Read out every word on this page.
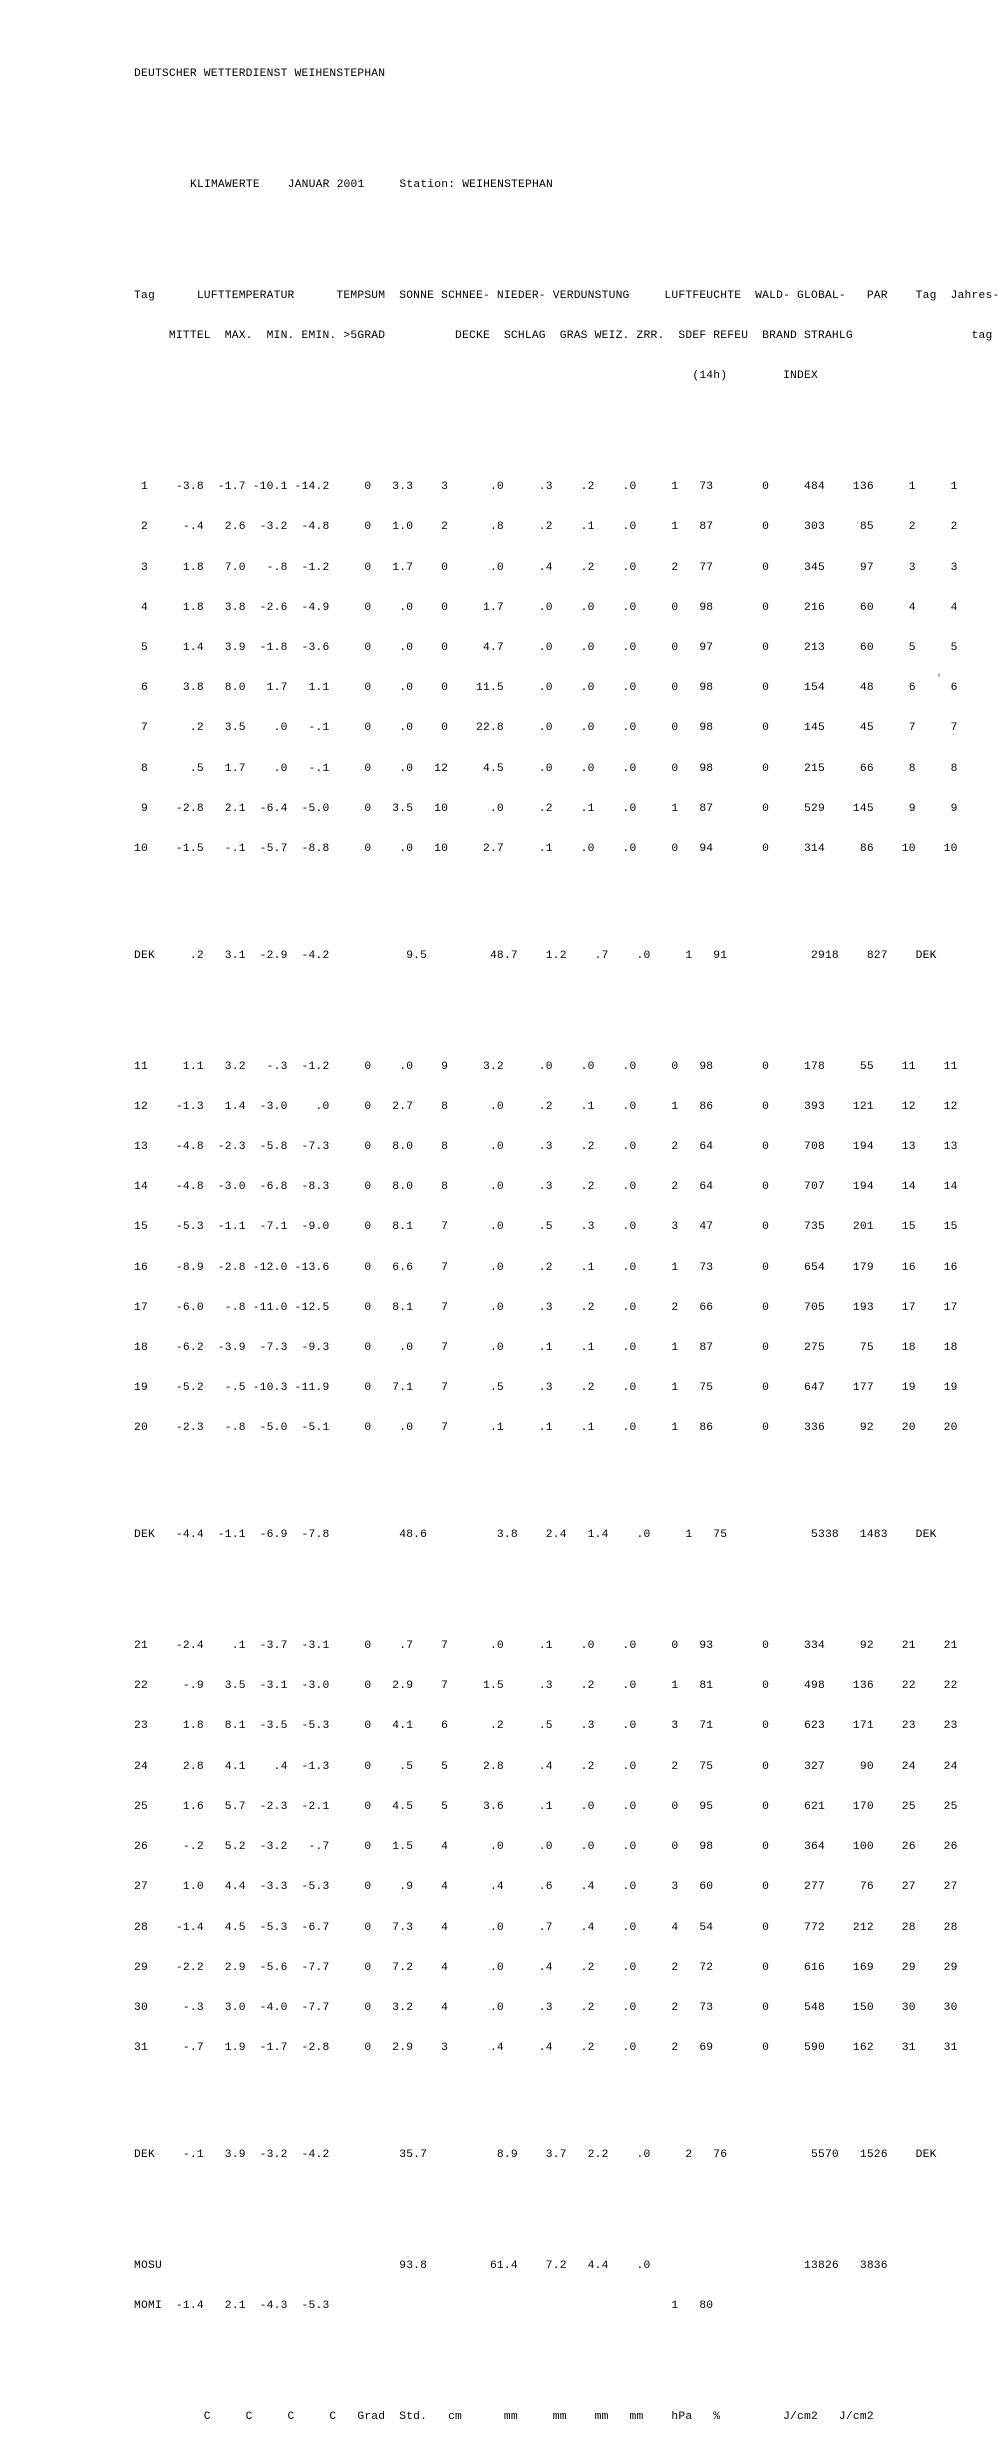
DEUTSCHER WETTERDIENST WEIHENSTEPHAN

KLIMAWERTE    JANUAR 2001     Station: WEIHENSTEPHAN

Tag      LUFTTEMPERATUR      TEMPSUM  SONNE SCHNEE- NIEDER- VERDUNSTUNG     LUFTFEUCHTE  WALD- GLOBAL-   PAR    Tag  Jahres-

MITTEL  MAX.  MIN. EMIN. >5GRAD          DECKE  SCHLAG  GRAS WEIZ. ZRR.  SDEF REFEU  BRAND STRAHLG                 tag

(14h)        INDEX

1    -3.8  -1.7 -10.1 -14.2     0   3.3    3      .0     .3    .2    .0     1   73       0     484    136     1     1

2     -.4   2.6  -3.2  -4.8     0   1.0    2      .8     .2    .1    .0     1   87       0     303     85     2     2

3     1.8   7.0   -.8  -1.2     0   1.7    0      .0     .4    .2    .0     2   77       0     345     97     3     3

4     1.8   3.8  -2.6  -4.9     0    .0    0     1.7     .0    .0    .0     0   98       0     216     60     4     4

5     1.4   3.9  -1.8  -3.6     0    .0    0     4.7     .0    .0    .0     0   97       0     213     60     5     5

6     3.8   8.0   1.7   1.1     0    .0    0    11.5     .0    .0    .0     0   98       0     154     48     6     6

7      .2   3.5    .0   -.1     0    .0    0    22.8     .0    .0    .0     0   98       0     145     45     7     7

8      .5   1.7    .0   -.1     0    .0   12     4.5     .0    .0    .0     0   98       0     215     66     8     8

9    -2.8   2.1  -6.4  -5.0     0   3.5   10      .0     .2    .1    .0     1   87       0     529    145     9     9

10    -1.5   -.1  -5.7  -8.8     0    .0   10     2.7     .1    .0    .0     0   94       0     314     86    10    10

DEK     .2   3.1  -2.9  -4.2           9.5         48.7    1.2    .7    .0     1   91            2918    827    DEK

11     1.1   3.2   -.3  -1.2     0    .0    9     3.2     .0    .0    .0     0   98       0     178     55    11    11

12    -1.3   1.4  -3.0    .0     0   2.7    8      .0     .2    .1    .0     1   86       0     393    121    12    12

13    -4.8  -2.3  -5.8  -7.3     0   8.0    8      .0     .3    .2    .0     2   64       0     708    194    13    13

14    -4.8  -3.0  -6.8  -8.3     0   8.0    8      .0     .3    .2    .0     2   64       0     707    194    14    14

15    -5.3  -1.1  -7.1  -9.0     0   8.1    7      .0     .5    .3    .0     3   47       0     735    201    15    15

16    -8.9  -2.8 -12.0 -13.6     0   6.6    7      .0     .2    .1    .0     1   73       0     654    179    16    16

17    -6.0   -.8 -11.0 -12.5     0   8.1    7      .0     .3    .2    .0     2   66       0     705    193    17    17

18    -6.2  -3.9  -7.3  -9.3     0    .0    7      .0     .1    .1    .0     1   87       0     275     75    18    18

19    -5.2   -.5 -10.3 -11.9     0   7.1    7      .5     .3    .2    .0     1   75       0     647    177    19    19

20    -2.3   -.8  -5.0  -5.1     0    .0    7      .1     .1    .1    .0     1   86       0     336     92    20    20

DEK   -4.4  -1.1  -6.9  -7.8          48.6          3.8    2.4   1.4    .0     1   75            5338   1483    DEK

21    -2.4    .1  -3.7  -3.1     0    .7    7      .0     .1    .0    .0     0   93       0     334     92    21    21

22     -.9   3.5  -3.1  -3.0     0   2.9    7     1.5     .3    .2    .0     1   81       0     498    136    22    22

23     1.8   8.1  -3.5  -5.3     0   4.1    6      .2     .5    .3    .0     3   71       0     623    171    23    23

24     2.8   4.1    .4  -1.3     0    .5    5     2.8     .4    .2    .0     2   75       0     327     90    24    24

25     1.6   5.7  -2.3  -2.1     0   4.5    5     3.6     .1    .0    .0     0   95       0     621    170    25    25

26     -.2   5.2  -3.2   -.7     0   1.5    4      .0     .0    .0    .0     0   98       0     364    100    26    26

27     1.0   4.4  -3.3  -5.3     0    .9    4      .4     .6    .4    .0     3   60       0     277     76    27    27

28    -1.4   4.5  -5.3  -6.7     0   7.3    4      .0     .7    .4    .0     4   54       0     772    212    28    28

29    -2.2   2.9  -5.6  -7.7     0   7.2    4      .0     .4    .2    .0     2   72       0     616    169    29    29

30     -.3   3.0  -4.0  -7.7     0   3.2    4      .0     .3    .2    .0     2   73       0     548    150    30    30

31     -.7   1.9  -1.7  -2.8     0   2.9    3      .4     .4    .2    .0     2   69       0     590    162    31    31

DEK    -.1   3.9  -3.2  -4.2          35.7          8.9    3.7   2.2    .0     2   76            5570   1526    DEK

MOSU                                  93.8         61.4    7.2   4.4    .0                      13826   3836

MOMI  -1.4   2.1  -4.3  -5.3                                                 1   80

C     C     C     C   Grad  Std.   cm      mm     mm    mm   mm    hPa   %         J/cm2   J/cm2

'
